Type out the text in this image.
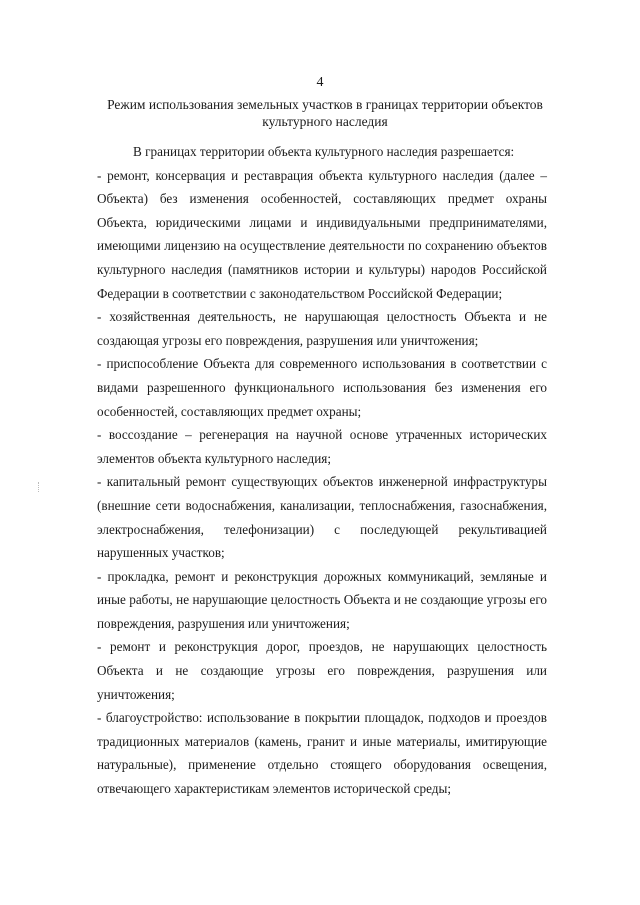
4
Режим использования земельных участков в границах территории объектов культурного наследия

В границах территории объекта культурного наследия разрешается:

- ремонт, консервация и реставрация объекта культурного наследия (далее – Объекта) без изменения особенностей, составляющих предмет охраны Объекта, юридическими лицами и индивидуальными предпринимателями, имеющими лицензию на осуществление деятельности по сохранению объектов культурного наследия (памятников истории и культуры) народов Российской Федерации в соответствии с законодательством Российской Федерации;

- хозяйственная деятельность, не нарушающая целостность Объекта и не создающая угрозы его повреждения, разрушения или уничтожения;

- приспособление Объекта для современного использования в соответствии с видами разрешенного функционального использования без изменения его особенностей, составляющих предмет охраны;

- воссоздание – регенерация на научной основе утраченных исторических элементов объекта культурного наследия;

- капитальный ремонт существующих объектов инженерной инфраструктуры (внешние сети водоснабжения, канализации, теплоснабжения, газоснабжения, электроснабжения, телефонизации) с последующей рекультивацией нарушенных участков;

- прокладка, ремонт и реконструкция дорожных коммуникаций, земляные и иные работы, не нарушающие целостность Объекта и не создающие угрозы его повреждения, разрушения или уничтожения;

- ремонт и реконструкция дорог, проездов, не нарушающих целостность Объекта и не создающие угрозы его повреждения, разрушения или уничтожения;

- благоустройство: использование в покрытии площадок, подходов и проездов традиционных материалов (камень, гранит и иные материалы, имитирующие натуральные), применение отдельно стоящего оборудования освещения, отвечающего характеристикам элементов исторической среды;
